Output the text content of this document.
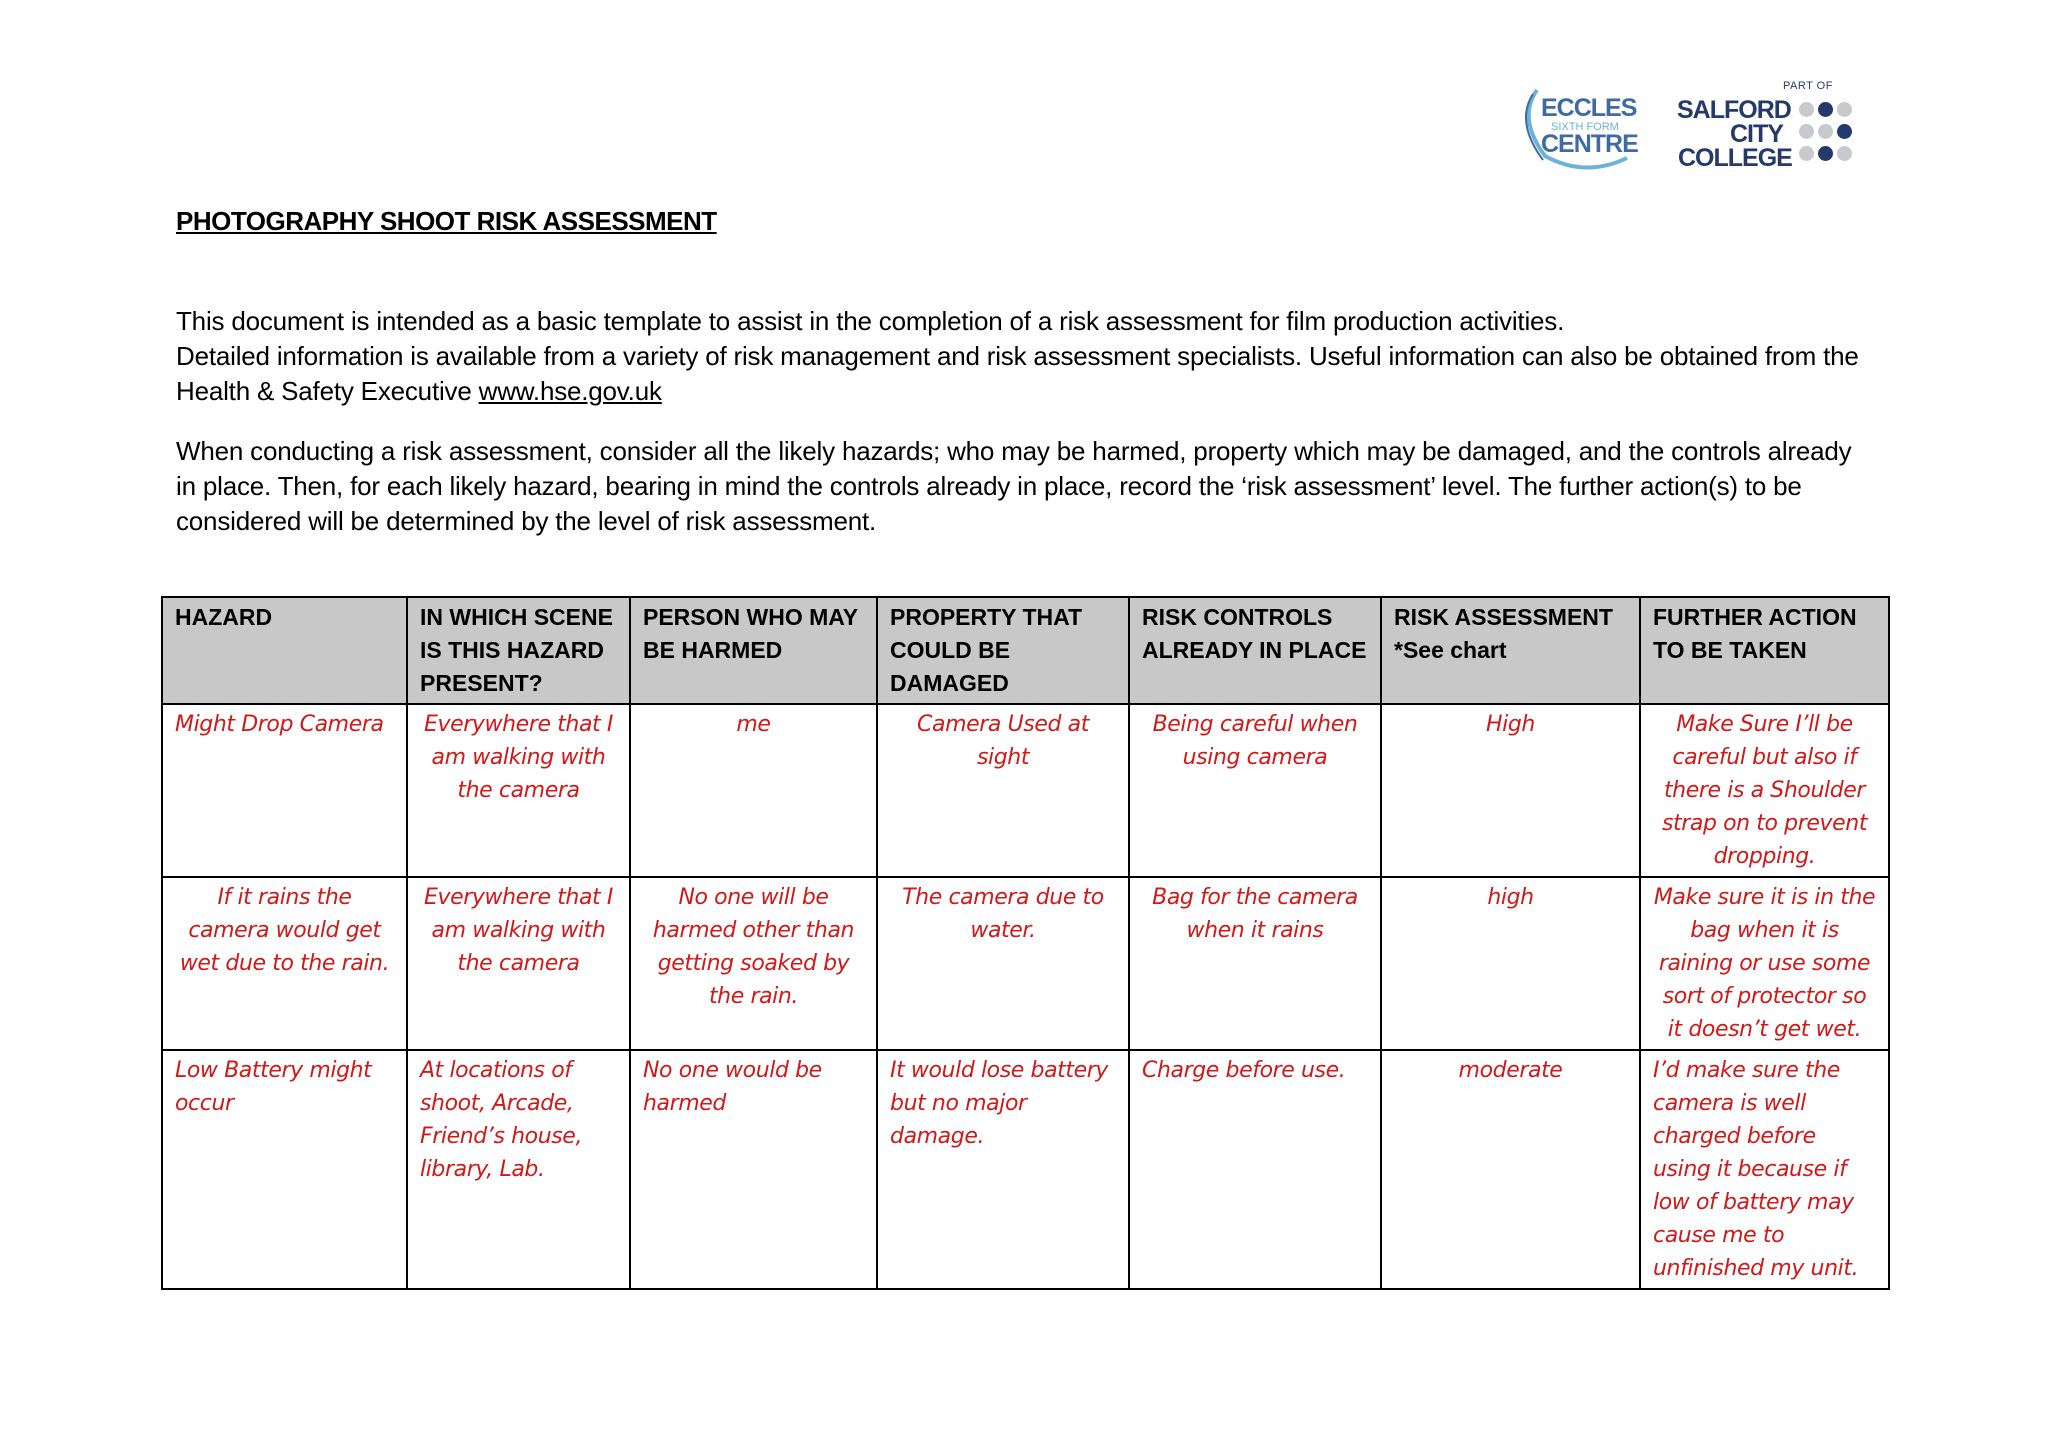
ECCLES
SIXTH FORM
CENTRE
PART OF
SALFORD
CITY
COLLEGE
PHOTOGRAPHY SHOOT RISK ASSESSMENT
This document is intended as a basic template to assist in the completion of a risk assessment for film production activities.
Detailed information is available from a variety of risk management and risk assessment specialists. Useful information can also be obtained from the Health & Safety Executive www.hse.gov.uk
When conducting a risk assessment, consider all the likely hazards; who may be harmed, property which may be damaged, and the controls already in place. Then, for each likely hazard, bearing in mind the controls already in place, record the ‘risk assessment’ level. The further action(s) to be considered will be determined by the level of risk assessment.
HAZARD	IN WHICH SCENE IS THIS HAZARD PRESENT?	PERSON WHO MAY BE HARMED	PROPERTY THAT COULD BE DAMAGED	RISK CONTROLS ALREADY IN PLACE	RISK ASSESSMENT *See chart	FURTHER ACTION TO BE TAKEN
Might Drop Camera	Everywhere that I am walking with the camera	me	Camera Used at sight	Being careful when using camera	High	Make Sure I’ll be careful but also if there is a Shoulder strap on to prevent dropping.
If it rains the camera would get wet due to the rain.	Everywhere that I am walking with the camera	No one will be harmed other than getting soaked by the rain.	The camera due to water.	Bag for the camera when it rains	high	Make sure it is in the bag when it is raining or use some sort of protector so it doesn’t get wet.
Low Battery might occur	At locations of shoot, Arcade, Friend’s house, library, Lab.	No one would be harmed	It would lose battery but no major damage.	Charge before use.	moderate	I’d make sure the camera is well charged before using it because if low of battery may cause me to unfinished my unit.
